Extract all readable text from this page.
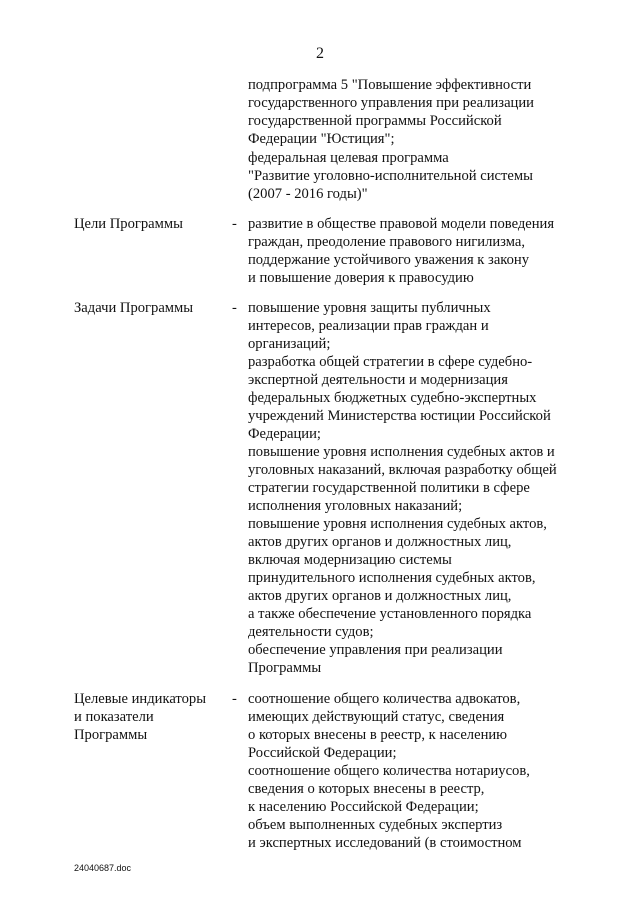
2
подпрограмма 5 "Повышение эффективности
государственного управления при реализации
государственной программы Российской
Федерации "Юстиция";
федеральная целевая программа
"Развитие уголовно-исполнительной системы
(2007 - 2016 годы)"
Цели Программы	- развитие в обществе правовой модели поведения
граждан, преодоление правового нигилизма,
поддержание устойчивого уважения к закону
и повышение доверия к правосудию
Задачи Программы	- повышение уровня защиты публичных
интересов, реализации прав граждан и
организаций;
разработка общей стратегии в сфере судебно-
экспертной деятельности и модернизация
федеральных бюджетных судебно-экспертных
учреждений Министерства юстиции Российской
Федерации;
повышение уровня исполнения судебных актов и
уголовных наказаний, включая разработку общей
стратегии государственной политики в сфере
исполнения уголовных наказаний;
повышение уровня исполнения судебных актов,
актов других органов и должностных лиц,
включая модернизацию системы
принудительного исполнения судебных актов,
актов других органов и должностных лиц,
а также обеспечение установленного порядка
деятельности судов;
обеспечение управления при реализации
Программы
Целевые индикаторы
и показатели
Программы
- соотношение общего количества адвокатов,
имеющих действующий статус, сведения
о которых внесены в реестр, к населению
Российской Федерации;
соотношение общего количества нотариусов,
сведения о которых внесены в реестр,
к населению Российской Федерации;
объем выполненных судебных экспертиз
и экспертных исследований (в стоимостном
24040687.doc
